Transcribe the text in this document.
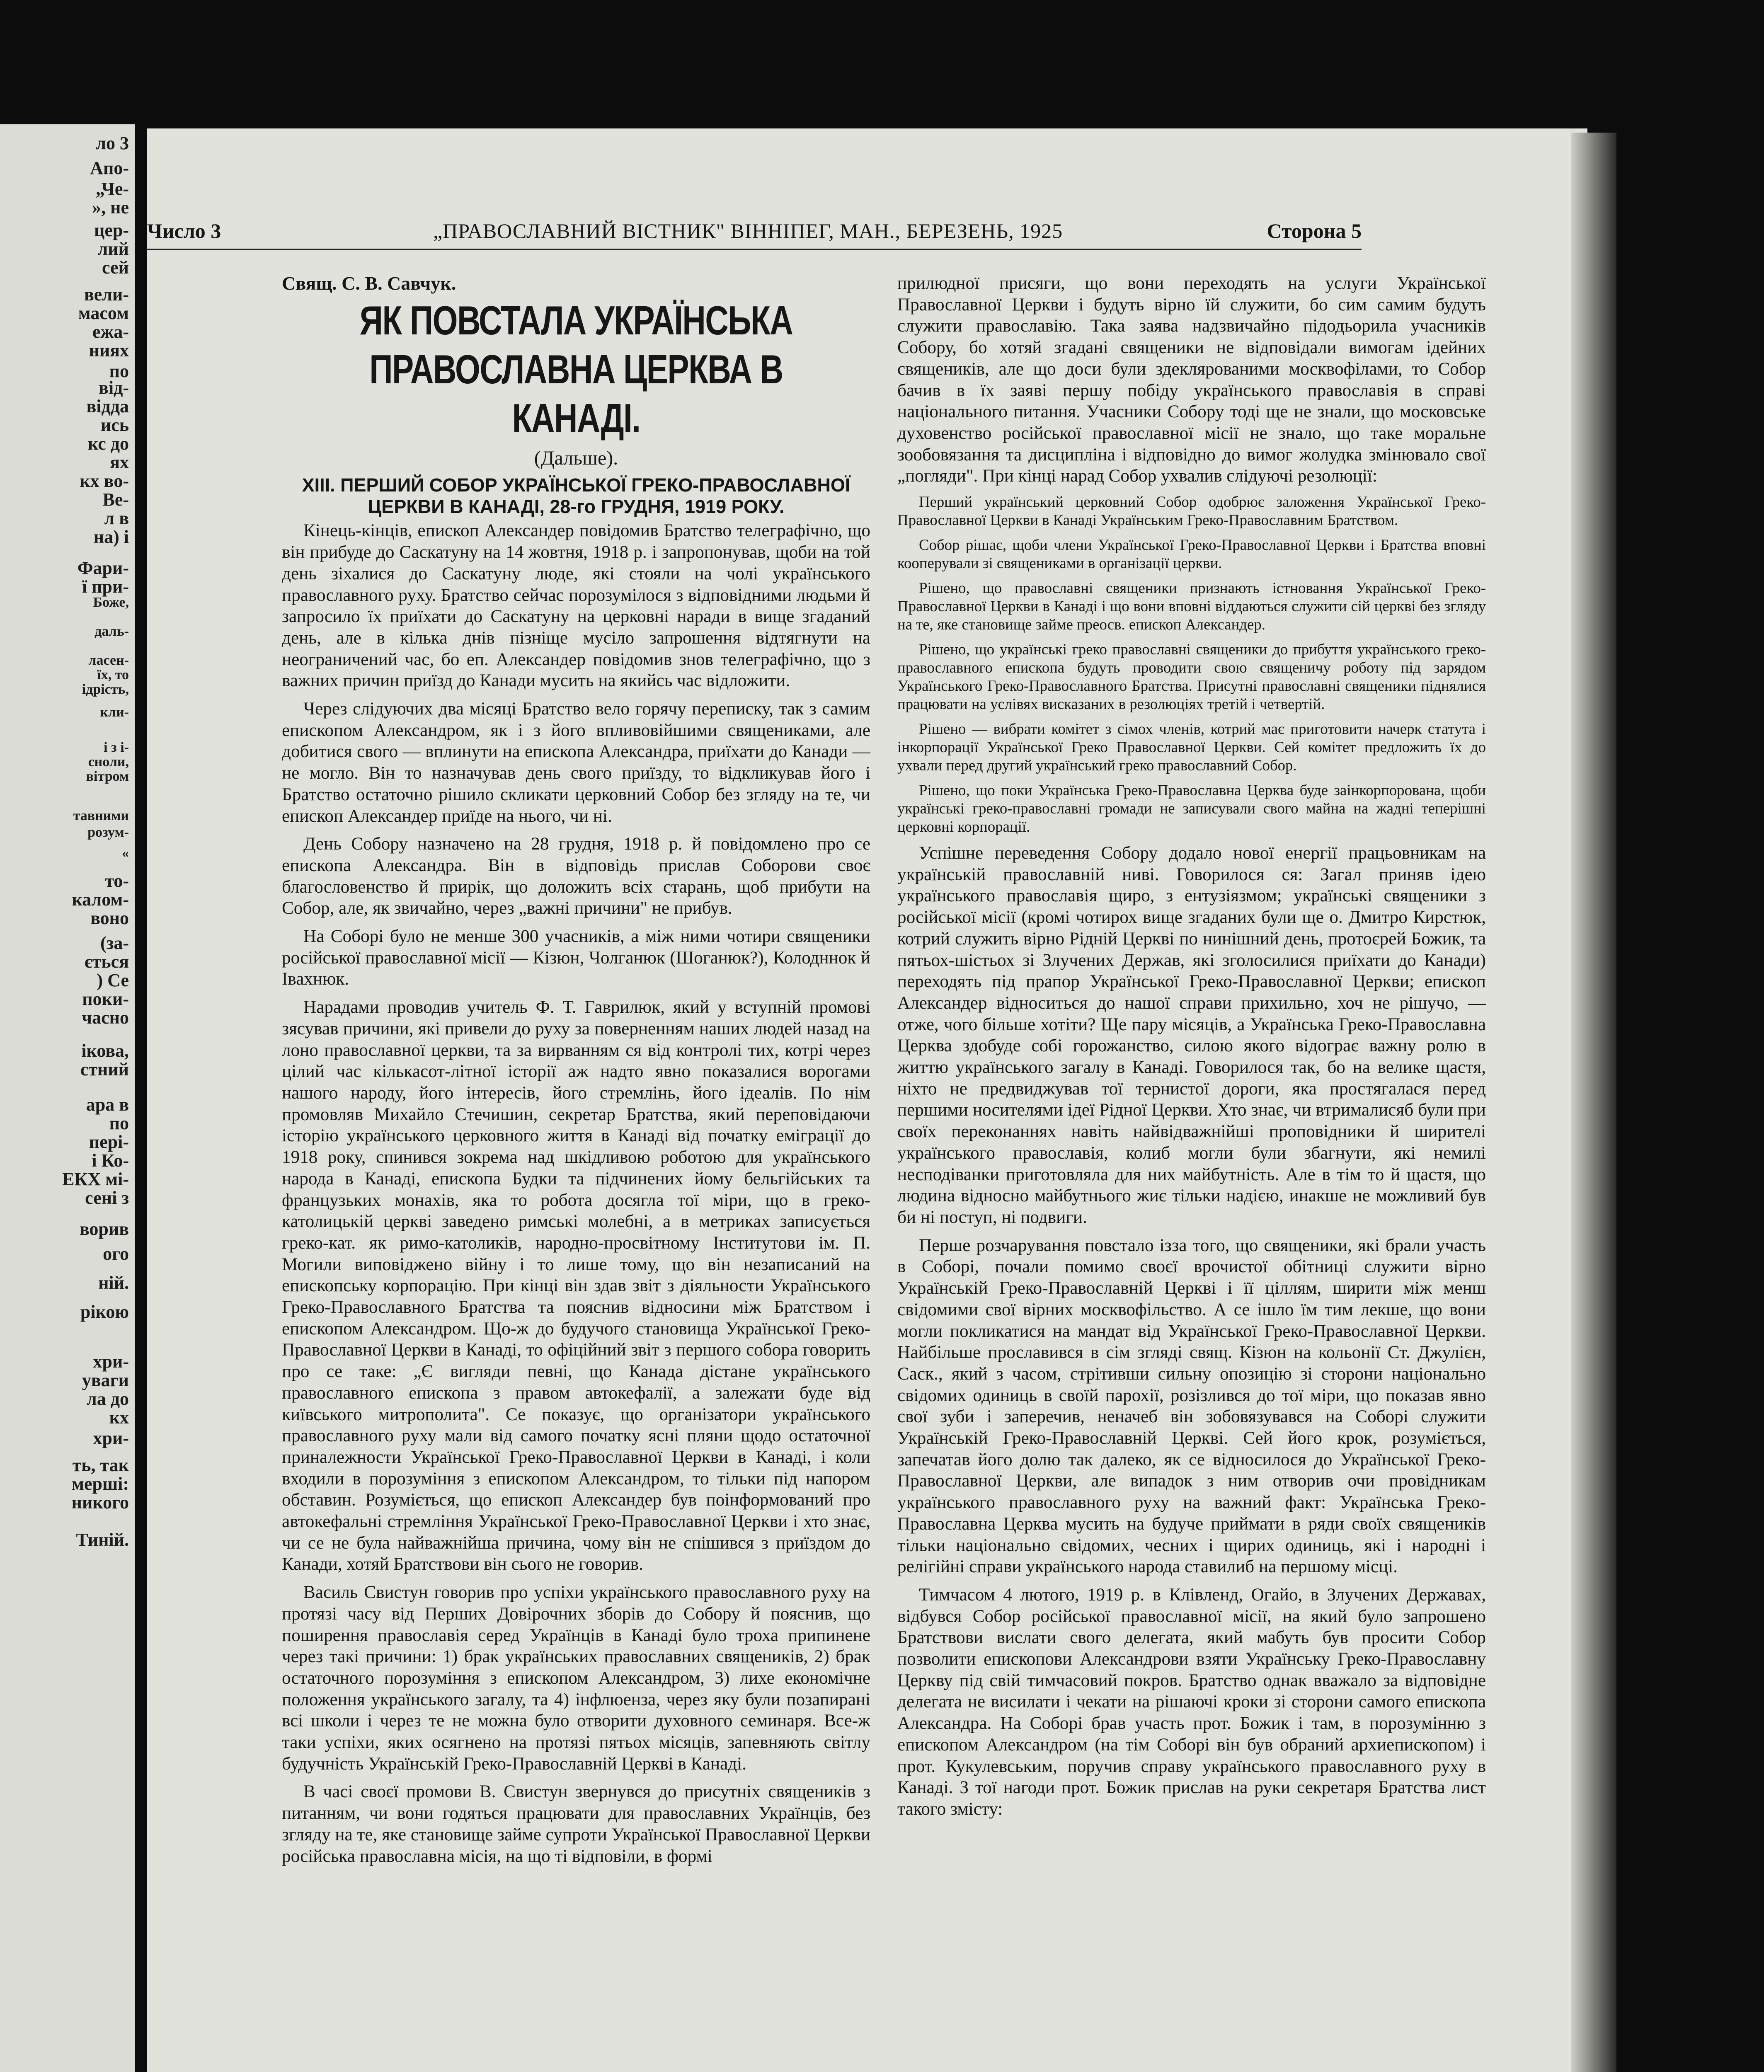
ло 3
Апо-
„Че-
», не
цер-
лий
сей
вели-
масом
ежа-
ниях
по
від-
відда
ись
кс до
ях
кх вo-
Be-
л в
на) і
Фари-
ї при-
Боже,
даль-
ласен-
їх, то
ідрість,
кли-
і з і-
сноли,
вітром
тавними
розум-
«
то-
калом-
воно
(за-
ється
) Се
поки-
часно
ікова,
стний
ара в
по
пері-
і Ко-
ЕКХ мі-
сені з
ворив
ого
ній.
рікою
хри-
уваги
ла до
кх
хри-
ть, так
мерші:
никого
Тиній.
Число 3	„ПРАВОСЛАВНИЙ ВІСТНИК" ВІННІПЕГ, МАН., БЕРЕЗЕНЬ, 1925	Сторона 5

Свящ. С. В. Савчук.

ЯК ПОВСТАЛА УКРАЇНСЬКА ПРАВОСЛАВНА ЦЕРКВА В КАНАДІ.
(Дальше).
XIII. ПЕРШИЙ СОБОР УКРАЇНСЬКОЇ ГРЕКО-ПРАВОСЛАВНОЇ ЦЕРКВИ В КАНАДІ, 28-го ГРУДНЯ, 1919 РОКУ.

Кінець-кінців, епископ Александер повідомив Братство телеграфічно, що він прибуде до Саскатуну на 14 жовтня, 1918 р. і запропонував, щоби на той день зіхалися до Саскатуну люде, які стояли на чолі українського православного руху. Братство сейчас порозумілося з відповідними людьми й запросило їх приїхати до Саскатуну на церковні наради в вище згаданий день, але в кілька днів пізніще мусіло запрошення відтягнути на неограничений час, бо еп. Александер повідомив знов телеграфічно, що з важних причин приїзд до Канади мусить на якийсь час відложити.

Через слідуючих два місяці Братство вело горячу переписку, так з самим епископом Александром, як і з його впливовійшими священиками, але добитися свого — вплинути на епископа Александра, приїхати до Канади — не могло. Він то назначував день свого приїзду, то відкликував його і Братство остаточно рішило скликати церковний Собор без згляду на те, чи епископ Александер приїде на нього, чи ні.

День Собору назначено на 28 грудня, 1918 р. й повідомлено про се епископа Александра. Він в відповідь прислав Соборови своє благословенство й прирік, що доложить всіх старань, щоб прибути на Собор, але, як звичайно, через „важні причини" не прибув.

На Соборі було не менше 300 учасників, а між ними чотири священики російської православної місії — Кізюн, Чолганюк (Шоганюк?), Колодннок й Івахнюк.

Нарадами проводив учитель Ф. Т. Гаврилюк, який у вступній промові зясував причини, які привели до руху за поверненням наших людей назад на лоно православної церкви, та за вирванням ся від контролі тих, котрі через цілий час кількасот-літної історії аж надто явно показалися ворогами нашого народу, його інтересів, його стремлінь, його ідеалів. По нім промовляв Михайло Стечишин, секретар Братства, який переповідаючи історію українського церковного життя в Канаді від початку еміграції до 1918 року, спинився зокрема над шкідливою роботою для українського народа в Канаді, епископа Будки та підчинених йому бельгійських та французьких монахів, яка то робота досягла тої міри, що в греко-католицькій церкві заведено римські молебні, а в метриках записується греко-кат. як римо-католиків, народно-просвітному Інститутови ім. П. Могили виповіджено війну і то лише тому, що він незаписаний на епископську корпорацію. При кінці він здав звіт з діяльности Українського Греко-Православного Братства та пояснив відносини між Братством і епископом Александром. Що-ж до будучого становища Української Греко-Православної Церкви в Канаді, то офіційний звіт з першого собора говорить про се таке: „Є вигляди певні, що Канада дістане українського православного епископа з правом автокефалії, а залежати буде від київського митрополита". Се показує, що організатори українського православного руху мали від самого початку ясні пляни щодо остаточної приналежности Української Греко-Православної Церкви в Канаді, і коли входили в порозуміння з епископом Александром, то тільки під напором обставин. Розуміється, що епископ Александер був поінформований про автокефальні стремління Української Греко-Православної Церкви і хто знає, чи се не була найважнійша причина, чому він не спішився з приїздом до Канади, хотяй Братствови він сього не говорив.

Василь Свистун говорив про успіхи українського православного руху на протязі часу від Перших Довірочних зборів до Собору й пояснив, що поширення православія серед Українців в Канаді було троха припинене через такі причини: 1) брак українських православних священиків, 2) брак остаточного порозуміння з епископом Александром, 3) лихе економічне положення українського загалу, та 4) інфлюенза, через яку були позапирані всі школи і через те не можна було отворити духовного семинаря. Все-ж таки успіхи, яких осягнено на протязі пятьох місяців, запевняють світлу будучність Українській Греко-Православній Церкві в Канаді.

В часі своєї промови В. Свистун звернувся до присутніх священиків з питанням, чи вони годяться працювати для православних Українців, без згляду на те, яке становище займе супроти Української Православної Церкви російська православна місія, на що ті відповіли, в формі

прилюдної присяги, що вони переходять на услуги Української Православної Церкви і будуть вірно їй служити, бо сим самим будуть служити православію. Така заява надзвичайно підодьорила учасників Собору, бо хотяй згадані священики не відповідали вимогам ідейних священиків, але що доси були здеклярованими москвофілами, то Собор бачив в їх заяві першу побіду українського православія в справі національного питання. Учасники Собору тоді ще не знали, що московське духовенство російської православної місії не знало, що таке моральне зообовязання та дисципліна і відповідно до вимог жолудка змінювало свої „погляди". При кінці нарад Собор ухвалив слідуючі резолюції:

Перший український церковний Собор одобрює заложення Української Греко-Православної Церкви в Канаді Українським Греко-Православним Братством.

Собор рішає, щоби члени Української Греко-Православної Церкви і Братства вповні кооперували зі священиками в організації церкви.

Рішено, що православні священики признають істновання Української Греко-Православної Церкви в Канаді і що вони вповні віддаються служити сій церкві без згляду на те, яке становище займе преосв. епископ Александер.

Рішено, що українські греко православні священики до прибуття українського греко-православного епископа будуть проводити свою священичу роботу під зарядом Українського Греко-Православного Братства. Присутні православні священики піднялися працювати на услівях висказаних в резолюціях третій і четвертій.

Рішено — вибрати комітет з сімох членів, котрий має приготовити начерк статута і інкорпорації Української Греко Православної Церкви. Сей комітет предложить їх до ухвали перед другий український греко православний Собор.

Рішено, що поки Українська Греко-Православна Церква буде заінкорпорована, щоби українські греко-православні громади не записували свого майна на жадні теперішні церковні корпорації.

Успішне переведення Собору додало нової енергії працьовникам на українській православній ниві. Говорилося ся: Загал приняв ідею українського православія щиро, з ентузіязмом; українські священики з російської місії (кромі чотирох вище згаданих були ще о. Дмитро Кирстюк, котрий служить вірно Рідній Церкві по нинішний день, протоєрей Божик, та пятьох-шістьох зі Злучених Держав, які зголосилися приїхати до Канади) переходять під прапор Української Греко-Православної Церкви; епископ Александер відноситься до нашої справи прихильно, хоч не рішучо, — отже, чого більше хотіти? Ще пару місяців, а Українська Греко-Православна Церква здобуде собі горожанство, силою якого відограє важну ролю в життю українського загалу в Канаді. Говорилося так, бо на велике щастя, ніхто не предвиджував тої тернистої дороги, яка простягалася перед першими носителями ідеї Рідної Церкви. Хто знає, чи втрималисяб були при своїх переконаннях навіть найвідважнійші проповідники й ширителі українського православія, колиб могли були збагнути, які немилі несподіванки приготовляла для них майбутність. Але в тім то й щастя, що людина відносно майбутнього жиє тільки надією, инакше не можливий був би ні поступ, ні подвиги.

Перше розчарування повстало ізза того, що священики, які брали участь в Соборі, почали помимо своєї врочистої обітниці служити вірно Українській Греко-Православній Церкві і її ціллям, ширити між менш свідомими свої вірних москвофільство. А се ішло їм тим лекше, що вони могли покликатися на мандат від Української Греко-Православної Церкви. Найбільше прославився в сім згляді свящ. Кізюн на кольонії Ст. Джулієн, Саск., який з часом, стрітивши сильну опозицію зі сторони національно свідомих одиниць в своїй парохії, розізлився до тої міри, що показав явно свої зуби і заперечив, неначеб він зобовязувався на Соборі служити Українській Греко-Православній Церкві. Сей його крок, розуміється, запечатав його долю так далеко, як се відносилося до Української Греко-Православної Церкви, але випадок з ним отворив очи провідникам українського православного руху на важний факт: Українська Греко-Православна Церква мусить на будуче приймати в ряди своїх священиків тільки національно свідомих, чесних і щирих одиниць, які і народні і релігійні справи українського народа ставилиб на першому місці.

Тимчасом 4 лютого, 1919 р. в Клівленд, Огайо, в Злучених Державах, відбувся Собор російської православної місії, на який було запрошено Братствови вислати свого делегата, який мабуть був просити Собор позволити епископови Александрови взяти Українську Греко-Православну Церкву під свій тимчасовий покров. Братство однак вважало за відповідне делегата не висилати і чекати на рішаючі кроки зі сторони самого епископа Александра. На Соборі брав участь прот. Божик і там, в порозумінню з епископом Александром (на тім Соборі він був обраний архиепископом) і прот. Кукулевським, поручив справу українського православного руху в Канаді. З тої нагоди прот. Божик прислав на руки секретаря Братства лист такого змісту:
